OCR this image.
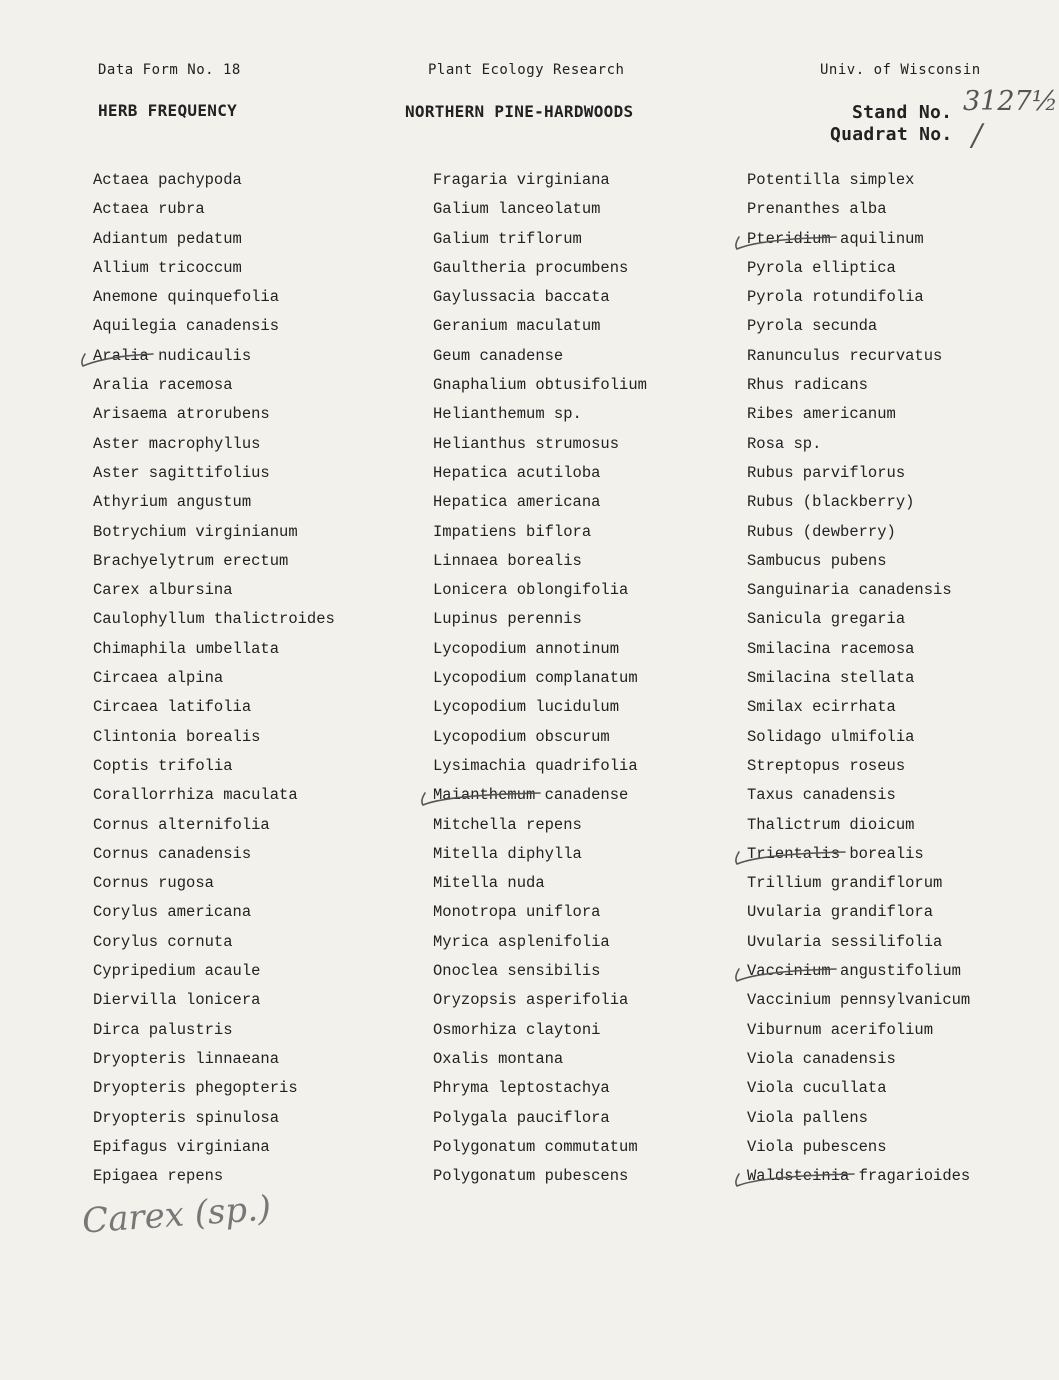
Data Form No. 18	Plant Ecology Research	Univ. of Wisconsin
HERB FREQUENCY	NORTHERN PINE-HARDWOODS	Stand No. 3127½
Quadrat No. /
Actaea pachypoda
Actaea rubra
Adiantum pedatum
Allium tricoccum
Anemone quinquefolia
Aquilegia canadensis
Aralia nudicaulis
Aralia racemosa
Arisaema atrorubens
Aster macrophyllus
Aster sagittifolius
Athyrium angustum
Botrychium virginianum
Brachyelytrum erectum
Carex albursina
Caulophyllum thalictroides
Chimaphila umbellata
Circaea alpina
Circaea latifolia
Clintonia borealis
Coptis trifolia
Corallorrhiza maculata
Cornus alternifolia
Cornus canadensis
Cornus rugosa
Corylus americana
Corylus cornuta
Cypripedium acaule
Diervilla lonicera
Dirca palustris
Dryopteris linnaeana
Dryopteris phegopteris
Dryopteris spinulosa
Epifagus virginiana
Epigaea repens
Fragaria virginiana
Galium lanceolatum
Galium triflorum
Gaultheria procumbens
Gaylussacia baccata
Geranium maculatum
Geum canadense
Gnaphalium obtusifolium
Helianthemum sp.
Helianthus strumosus
Hepatica acutiloba
Hepatica americana
Impatiens biflora
Linnaea borealis
Lonicera oblongifolia
Lupinus perennis
Lycopodium annotinum
Lycopodium complanatum
Lycopodium lucidulum
Lycopodium obscurum
Lysimachia quadrifolia
Maianthemum canadense
Mitchella repens
Mitella diphylla
Mitella nuda
Monotropa uniflora
Myrica asplenifolia
Onoclea sensibilis
Oryzopsis asperifolia
Osmorhiza claytoni
Oxalis montana
Phryma leptostachya
Polygala pauciflora
Polygonatum commutatum
Polygonatum pubescens
Potentilla simplex
Prenanthes alba
Pteridium aquilinum
Pyrola elliptica
Pyrola rotundifolia
Pyrola secunda
Ranunculus recurvatus
Rhus radicans
Ribes americanum
Rosa sp.
Rubus parviflorus
Rubus (blackberry)
Rubus (dewberry)
Sambucus pubens
Sanguinaria canadensis
Sanicula gregaria
Smilacina racemosa
Smilacina stellata
Smilax ecirrhata
Solidago ulmifolia
Streptopus roseus
Taxus canadensis
Thalictrum dioicum
Trientalis borealis
Trillium grandiflorum
Uvularia grandiflora
Uvularia sessilifolia
Vaccinium angustifolium
Vaccinium pennsylvanicum
Viburnum acerifolium
Viola canadensis
Viola cucullata
Viola pallens
Viola pubescens
Waldsteinia fragarioides
Carex (sp.)
